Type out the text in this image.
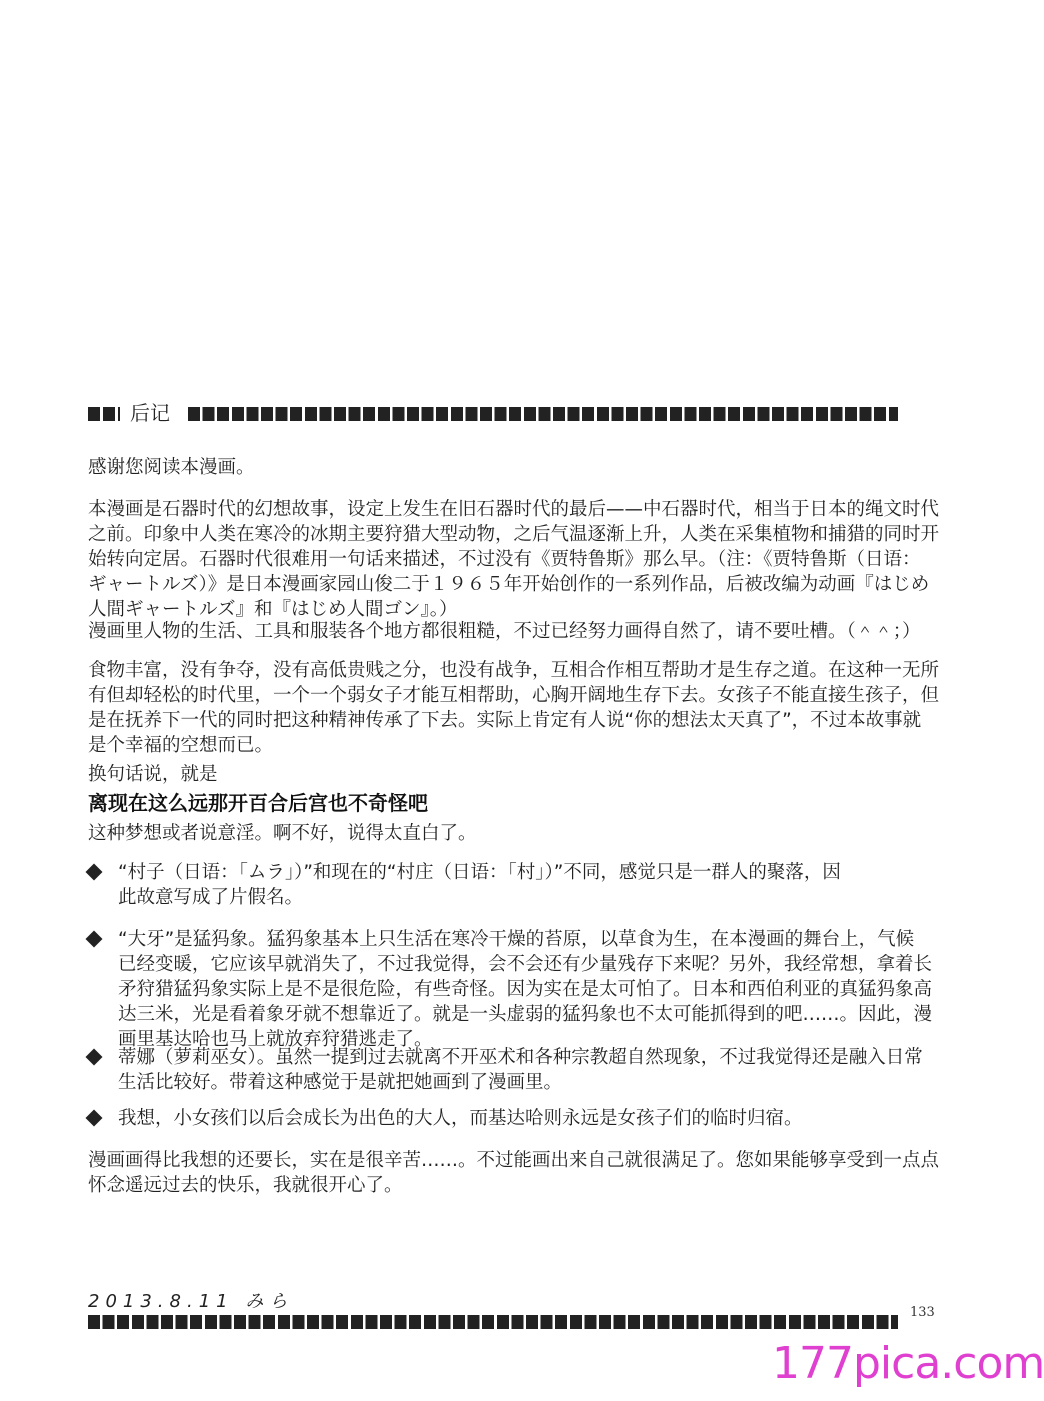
后记
感谢您阅读本漫画。
本漫画是石器时代的幻想故事，设定上发生在旧石器时代的最后——中石器时代，相当于日本的绳文时代
之前。印象中人类在寒冷的冰期主要狩猎大型动物，之后气温逐渐上升，人类在采集植物和捕猎的同时开
始转向定居。石器时代很难用一句话来描述，不过没有《贾特鲁斯》那么早。（注：《贾特鲁斯（日语：
ギャートルズ）》是日本漫画家园山俊二于１９６５年开始创作的一系列作品，后被改编为动画『はじめ
人間ギャートルズ』和『はじめ人間ゴン』。）
漫画里人物的生活、工具和服装各个地方都很粗糙，不过已经努力画得自然了，请不要吐槽。（＾＾；）
食物丰富，没有争夺，没有高低贵贱之分，也没有战争，互相合作相互帮助才是生存之道。在这种一无所
有但却轻松的时代里，一个一个弱女子才能互相帮助，心胸开阔地生存下去。女孩子不能直接生孩子，但
是在抚养下一代的同时把这种精神传承了下去。实际上肯定有人说“你的想法太天真了”，不过本故事就
是个幸福的空想而已。
换句话说，就是
离现在这么远那开百合后宫也不奇怪吧
这种梦想或者说意淫。啊不好，说得太直白了。
“村子（日语：「ムラ」）”和现在的“村庄（日语：「村」）”不同，感觉只是一群人的聚落，因
此故意写成了片假名。
“大牙”是猛犸象。猛犸象基本上只生活在寒冷干燥的苔原，以草食为生，在本漫画的舞台上，气候
已经变暖，它应该早就消失了，不过我觉得，会不会还有少量残存下来呢？另外，我经常想，拿着长
矛狩猎猛犸象实际上是不是很危险，有些奇怪。因为实在是太可怕了。日本和西伯利亚的真猛犸象高
达三米，光是看着象牙就不想靠近了。就是一头虚弱的猛犸象也不太可能抓得到的吧……。因此，漫
画里基达哈也马上就放弃狩猎逃走了。
蒂娜（萝莉巫女）。虽然一提到过去就离不开巫术和各种宗教超自然现象，不过我觉得还是融入日常
生活比较好。带着这种感觉于是就把她画到了漫画里。
我想，小女孩们以后会成长为出色的大人，而基达哈则永远是女孩子们的临时归宿。
漫画画得比我想的还要长，实在是很辛苦……。不过能画出来自己就很满足了。您如果能够享受到一点点
怀念遥远过去的快乐，我就很开心了。
2013.8.11 みら
133
177pica.com
